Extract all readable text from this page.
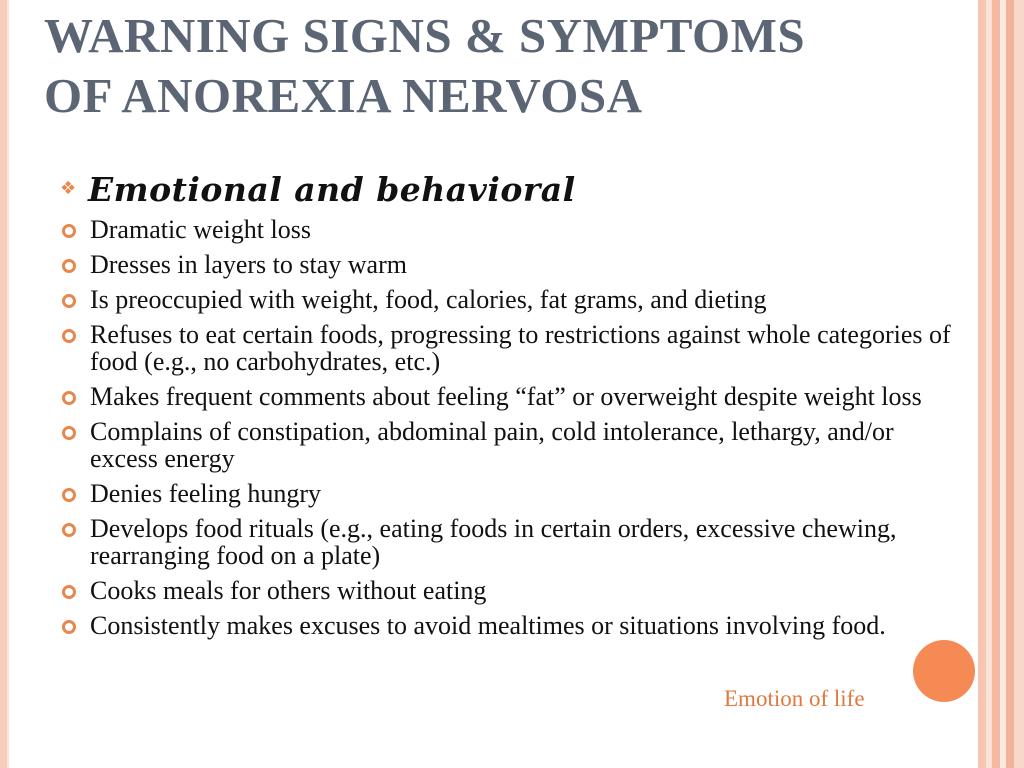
WARNING SIGNS & SYMPTOMS
OF ANOREXIA NERVOSA
❖ Emotional and behavioral
Dramatic weight loss
Dresses in layers to stay warm
Is preoccupied with weight, food, calories, fat grams, and dieting
Refuses to eat certain foods, progressing to restrictions against whole categories of food (e.g., no carbohydrates, etc.)
Makes frequent comments about feeling “fat” or overweight despite weight loss
Complains of constipation, abdominal pain, cold intolerance, lethargy, and/or excess energy
Denies feeling hungry
Develops food rituals (e.g., eating foods in certain orders, excessive chewing, rearranging food on a plate)
Cooks meals for others without eating
Consistently makes excuses to avoid mealtimes or situations involving food.
Emotion of life
